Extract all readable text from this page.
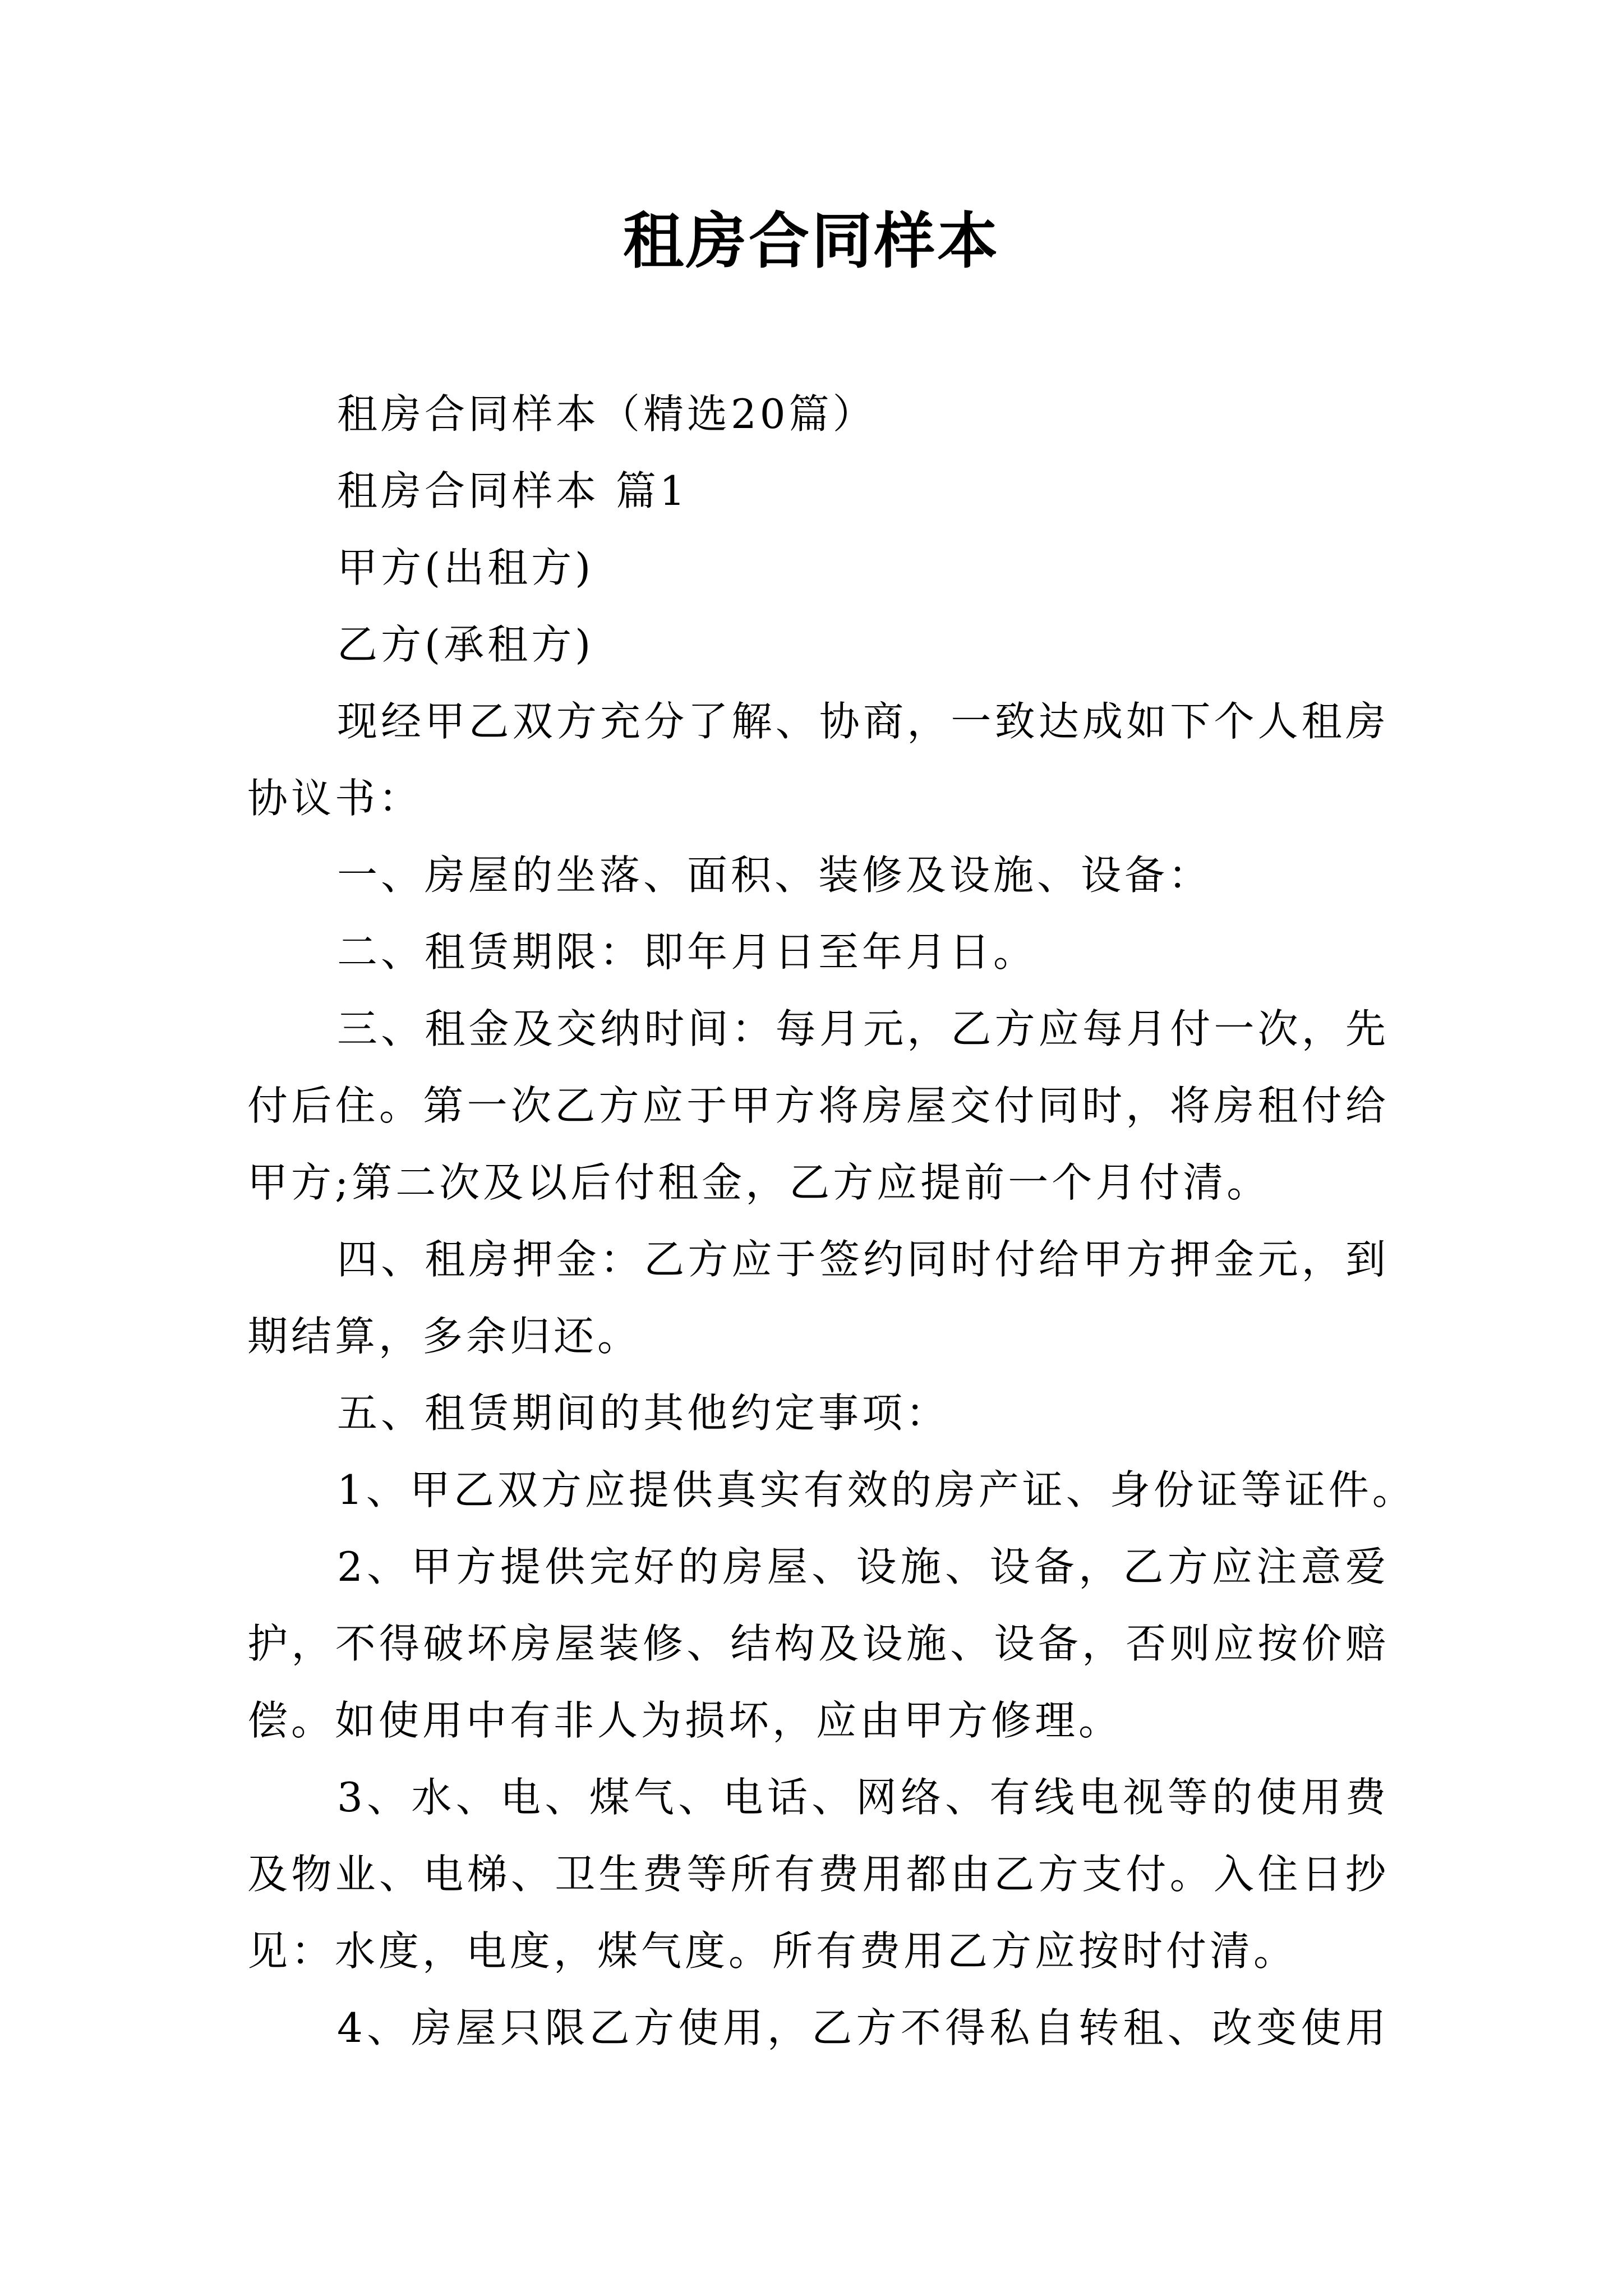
租房合同样本
租房合同样本（精选20篇）
租房合同样本 篇1
甲方(出租方)
乙方(承租方)
现经甲乙双方充分了解、协商，一致达成如下个人租房
协议书：
一、房屋的坐落、面积、装修及设施、设备：
二、租赁期限：即年月日至年月日。
三、租金及交纳时间：每月元，乙方应每月付一次，先
付后住。第一次乙方应于甲方将房屋交付同时，将房租付给
甲方;第二次及以后付租金，乙方应提前一个月付清。
四、租房押金：乙方应于签约同时付给甲方押金元，到
期结算，多余归还。
五、租赁期间的其他约定事项：
1、甲乙双方应提供真实有效的房产证、身份证等证件。
2、甲方提供完好的房屋、设施、设备，乙方应注意爱
护，不得破坏房屋装修、结构及设施、设备，否则应按价赔
偿。如使用中有非人为损坏，应由甲方修理。
3、水、电、煤气、电话、网络、有线电视等的使用费
及物业、电梯、卫生费等所有费用都由乙方支付。入住日抄
见：水度，电度，煤气度。所有费用乙方应按时付清。
4、房屋只限乙方使用，乙方不得私自转租、改变使用
